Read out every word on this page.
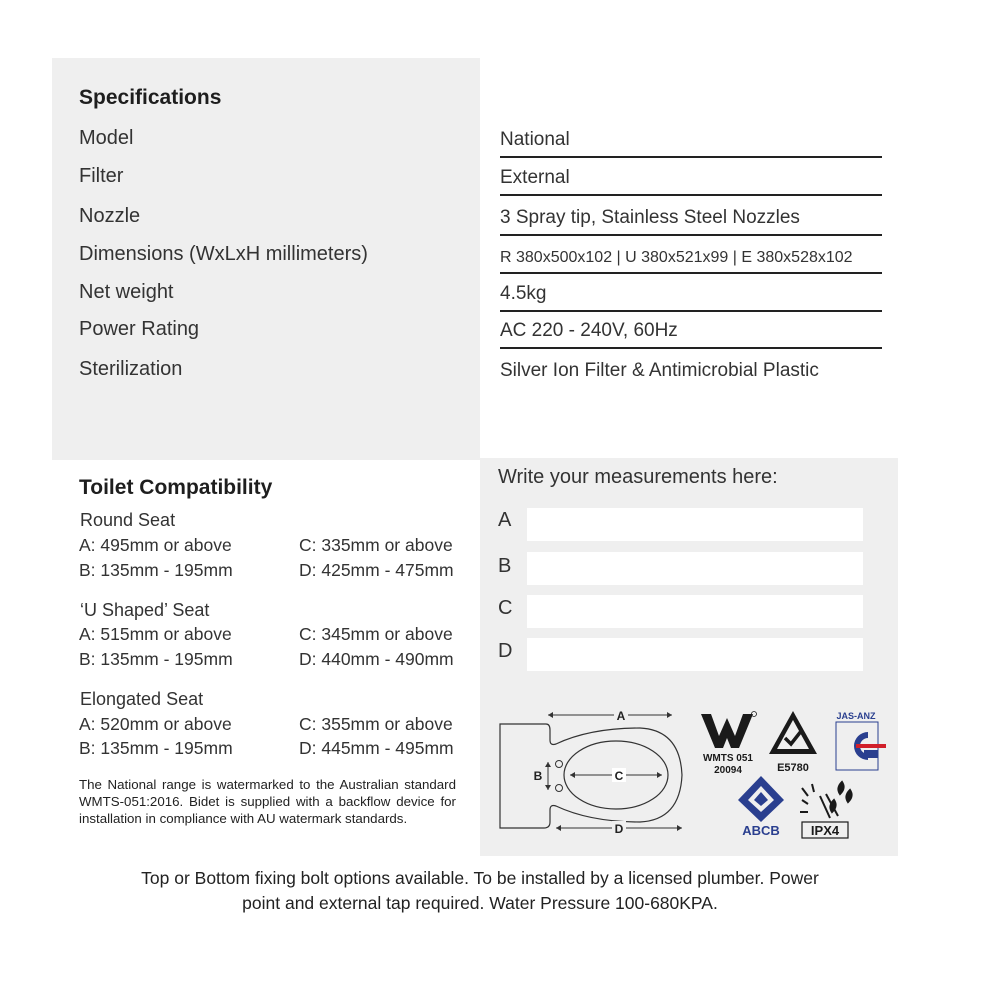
Specifications
Model	National
Filter	External
Nozzle	3 Spray tip, Stainless Steel Nozzles
Dimensions (WxLxH millimeters)	R 380x500x102 | U 380x521x99 | E 380x528x102
Net weight	4.5kg
Power Rating	AC 220 - 240V, 60Hz
Sterilization	Silver Ion Filter & Antimicrobial Plastic
Toilet Compatibility
Round Seat
A: 495mm or above	C: 335mm or above
B: 135mm - 195mm	D: 425mm - 475mm
‘U Shaped’ Seat
A: 515mm or above	C: 345mm or above
B: 135mm - 195mm	D: 440mm - 490mm
Elongated Seat
A: 520mm or above	C: 355mm or above
B: 135mm - 195mm	D: 445mm - 495mm
The National range is watermarked to the Australian standard WMTS-051:2016. Bidet is supplied with a backflow device for installation in compliance with AU watermark standards.
Write your measurements here:
A
B
C
D
A
C
B
D
WMTS 051
20094	E5780
JAS-ANZ
ABCB IPX4
Top or Bottom fixing bolt options available. To be installed by a licensed plumber. Power
point and external tap required. Water Pressure 100-680KPA.
